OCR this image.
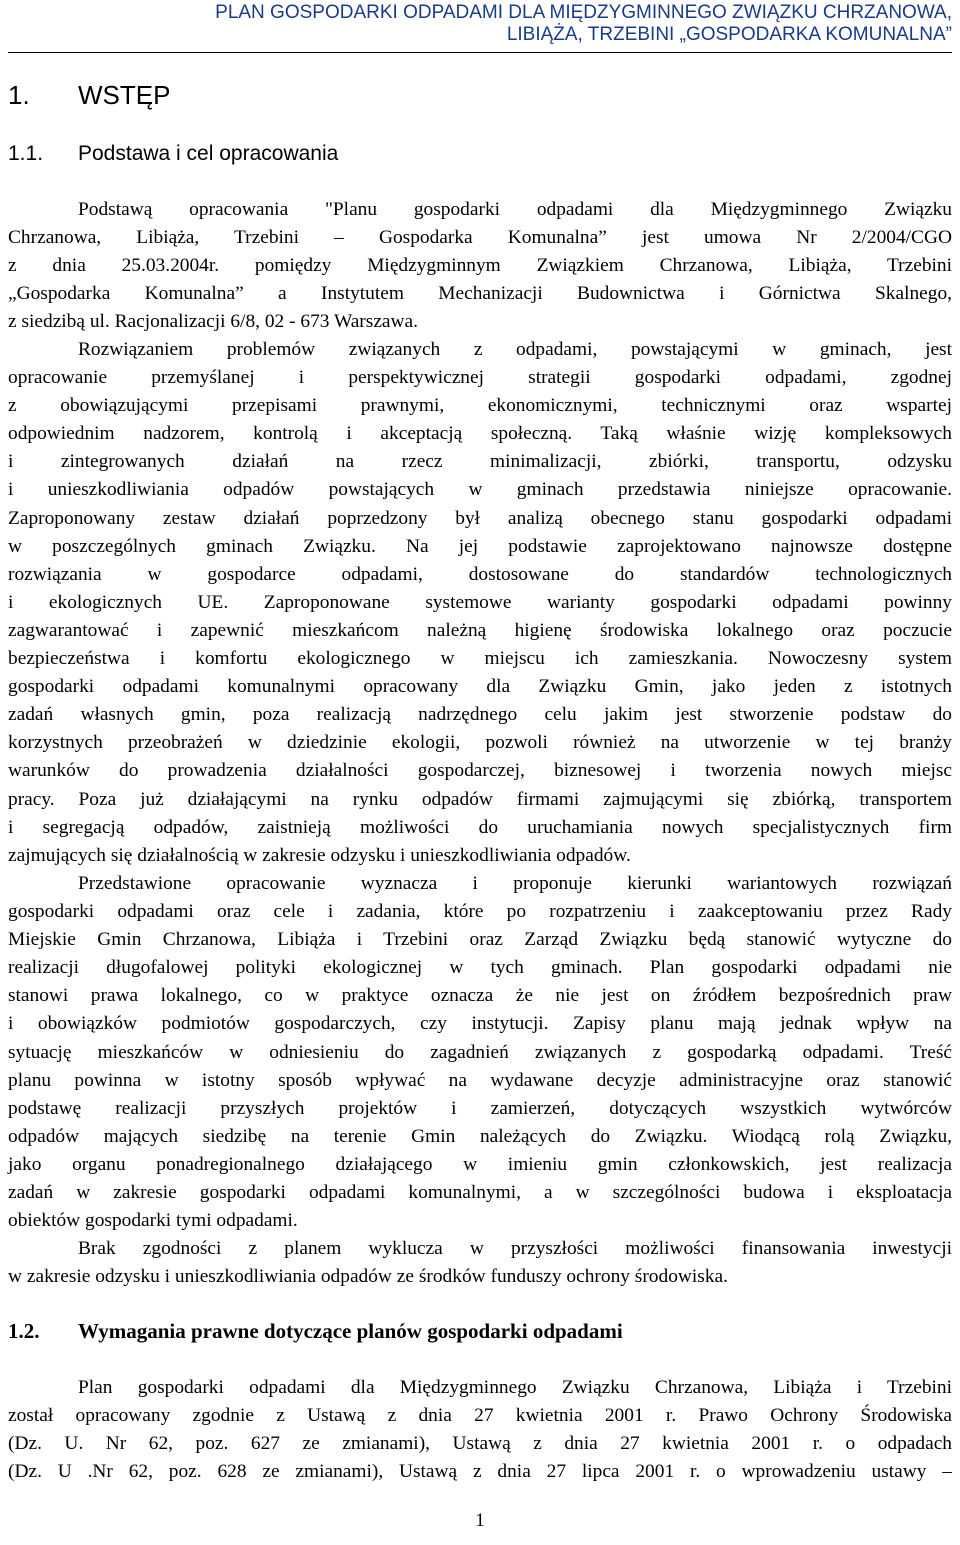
PLAN GOSPODARKI ODPADAMI DLA MIĘDZYGMINNEGO ZWIĄZKU CHRZANOWA,
LIBIĄŻA, TRZEBINI „GOSPODARKA KOMUNALNA”
1. WSTĘP
1.1. Podstawa i cel opracowania
Podstawą opracowania "Planu gospodarki odpadami dla Międzygminnego Związku
Chrzanowa, Libiąża, Trzebini – Gospodarka Komunalna” jest umowa Nr 2/2004/CGO
z dnia 25.03.2004r. pomiędzy Międzygminnym Związkiem Chrzanowa, Libiąża, Trzebini
„Gospodarka Komunalna” a Instytutem Mechanizacji Budownictwa i Górnictwa Skalnego,
z siedzibą ul. Racjonalizacji 6/8, 02 - 673 Warszawa.
Rozwiązaniem problemów związanych z odpadami, powstającymi w gminach, jest
opracowanie przemyślanej i perspektywicznej strategii gospodarki odpadami, zgodnej
z obowiązującymi przepisami prawnymi, ekonomicznymi, technicznymi oraz wspartej
odpowiednim nadzorem, kontrolą i akceptacją społeczną. Taką właśnie wizję kompleksowych
i zintegrowanych działań na rzecz minimalizacji, zbiórki, transportu, odzysku
i unieszkodliwiania odpadów powstających w gminach przedstawia niniejsze opracowanie.
Zaproponowany zestaw działań poprzedzony był analizą obecnego stanu gospodarki odpadami
w poszczególnych gminach Związku. Na jej podstawie zaprojektowano najnowsze dostępne
rozwiązania w gospodarce odpadami, dostosowane do standardów technologicznych
i ekologicznych UE. Zaproponowane systemowe warianty gospodarki odpadami powinny
zagwarantować i zapewnić mieszkańcom należną higienę środowiska lokalnego oraz poczucie
bezpieczeństwa i komfortu ekologicznego w miejscu ich zamieszkania. Nowoczesny system
gospodarki odpadami komunalnymi opracowany dla Związku Gmin, jako jeden z istotnych
zadań własnych gmin, poza realizacją nadrzędnego celu jakim jest stworzenie podstaw do
korzystnych przeobrażeń w dziedzinie ekologii, pozwoli również na utworzenie w tej branży
warunków do prowadzenia działalności gospodarczej, biznesowej i tworzenia nowych miejsc
pracy. Poza już działającymi na rynku odpadów firmami zajmującymi się zbiórką, transportem
i segregacją odpadów, zaistnieją możliwości do uruchamiania nowych specjalistycznych firm
zajmujących się działalnością w zakresie odzysku i unieszkodliwiania odpadów.
Przedstawione opracowanie wyznacza i proponuje kierunki wariantowych rozwiązań
gospodarki odpadami oraz cele i zadania, które po rozpatrzeniu i zaakceptowaniu przez Rady
Miejskie Gmin Chrzanowa, Libiąża i Trzebini oraz Zarząd Związku będą stanowić wytyczne do
realizacji długofalowej polityki ekologicznej w tych gminach. Plan gospodarki odpadami nie
stanowi prawa lokalnego, co w praktyce oznacza że nie jest on źródłem bezpośrednich praw
i obowiązków podmiotów gospodarczych, czy instytucji. Zapisy planu mają jednak wpływ na
sytuację mieszkańców w odniesieniu do zagadnień związanych z gospodarką odpadami. Treść
planu powinna w istotny sposób wpływać na wydawane decyzje administracyjne oraz stanowić
podstawę realizacji przyszłych projektów i zamierzeń, dotyczących wszystkich wytwórców
odpadów mających siedzibę na terenie Gmin należących do Związku. Wiodącą rolą Związku,
jako organu ponadregionalnego działającego w imieniu gmin członkowskich, jest realizacja
zadań w zakresie gospodarki odpadami komunalnymi, a w szczególności budowa i eksploatacja
obiektów gospodarki tymi odpadami.
Brak zgodności z planem wyklucza w przyszłości możliwości finansowania inwestycji
w zakresie odzysku i unieszkodliwiania odpadów ze środków funduszy ochrony środowiska.
1.2. Wymagania prawne dotyczące planów gospodarki odpadami
Plan gospodarki odpadami dla Międzygminnego Związku Chrzanowa, Libiąża i Trzebini
został opracowany zgodnie z Ustawą z dnia 27 kwietnia 2001 r. Prawo Ochrony Środowiska
(Dz. U. Nr 62, poz. 627 ze zmianami), Ustawą z dnia 27 kwietnia 2001 r. o odpadach
(Dz. U .Nr 62, poz. 628 ze zmianami), Ustawą z dnia 27 lipca 2001 r. o wprowadzeniu ustawy –
1
